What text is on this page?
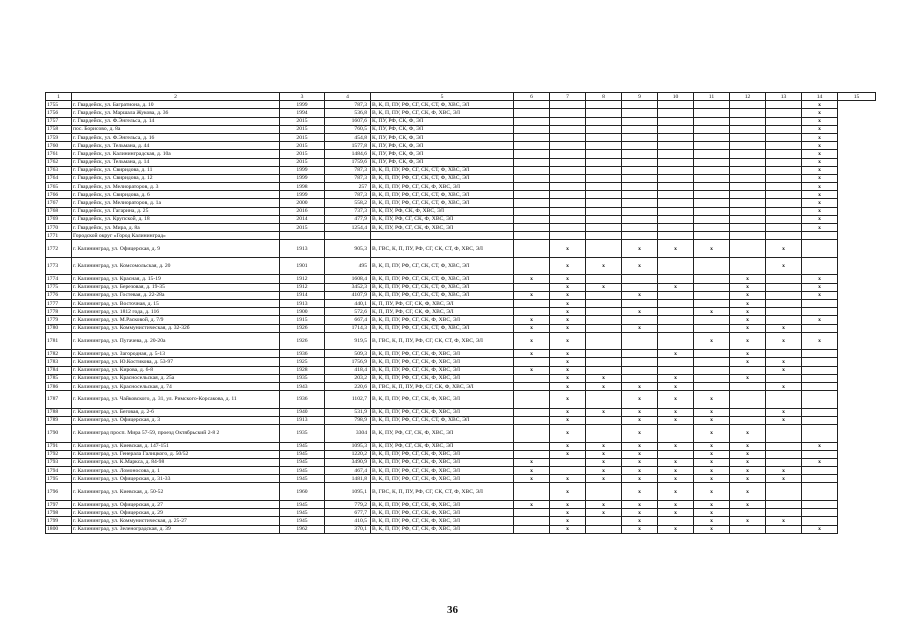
1	2	3	4	5	6	7	8	9	10	11	12	13	14	15
1755	г. Гвардейск, ул. Багратиона, д. 10	1999	787,3	В, К, П, ПУ, РФ, СГ, СК, СТ, Ф, ХВС, ЭЛ									x	
1756	г. Гвардейск, ул. Маршала Жукова, д. 36	1994	536,8	В, К, П, ПУ, РФ, СГ, СК, Ф, ХВС, ЭЛ									x	
1757	г. Гвардейск, ул. Ф.Энгельса, д. 14	2015	1607,6	К, ПУ, РФ, СК, Ф, ЭЛ									x	
1758	пос. Борисово, д. 8а	2015	760,5	К, ПУ, РФ, СК, Ф, ЭЛ									x	
1759	г. Гвардейск, ул. Ф.Энгельса, д. 16	2015	454,8	К, ПУ, РФ, СК, Ф, ЭЛ									x	
1760	г. Гвардейск, ул. Тельмана, д. 44	2015	1577,8	К, ПУ, РФ, СК, Ф, ЭЛ									x	
1761	г. Гвардейск, ул. Калининградская, д. 10а	2015	1484,6	К, ПУ, РФ, СК, Ф, ЭЛ									x	
1762	г. Гвардейск, ул. Тельмана, д. 14	2015	1759,6	К, ПУ, РФ, СК, Ф, ЭЛ									x	
1763	г. Гвардейск, ул. Свиридова, д. 11	1999	787,3	В, К, П, ПУ, РФ, СГ, СК, СТ, Ф, ХВС, ЭЛ									x	
1764	г. Гвардейск, ул. Свиридова, д. 12	1999	787,3	В, К, П, ПУ, РФ, СГ, СК, СТ, Ф, ХВС, ЭЛ									x	
1765	г. Гвардейск, ул. Мелиораторов, д. 3	1998	257	В, К, П, ПУ, РФ, СГ, СК, Ф, ХВС, ЭЛ									x	
1766	г. Гвардейск, ул. Свиридова, д. 6	1999	787,3	В, К, П, ПУ, РФ, СГ, СК, СТ, Ф, ХВС, ЭЛ									x	
1767	г. Гвардейск, ул. Мелиораторов, д. 1а	2000	558,2	В, К, П, ПУ, РФ, СГ, СК, СТ, Ф, ХВС, ЭЛ									x	
1768	г. Гвардейск, ул. Гагарина, д. 25	2016	737,3	В, К, ПУ, РФ, СК, Ф, ХВС, ЭЛ									x	
1769	г. Гвардейск, ул. Крупской, д. 18	2014	477,9	В, К, ПУ, РФ, СГ, СК, Ф, ХВС, ЭЛ									x	
1770	г. Гвардейск, ул. Мира, д. 8а	2015	1254,4	В, К, ПУ, РФ, СГ, СК, Ф, ХВС, ЭЛ									x	
1771	Городской округ «Город Калининград»													
1772	г. Калининград, ул. Офицерская, д. 9	1913	905,3	В, ГВС, К, П, ПУ, РФ, СГ, СК, СТ, Ф, ХВС, ЭЛ		x		x	x	x		x		
1773	г. Калининград, ул. Комсомольская, д. 20	1901	495	В, К, П, ПУ, РФ, СГ, СК, СТ, Ф, ХВС, ЭЛ		x	x	x				x		
1774	г. Калининград, ул. Красная, д. 15-19	1912	1608,4	В, К, П, ПУ, РФ, СГ, СК, СТ, Ф, ХВС, ЭЛ	x	x					x		x	
1775	г. Калининград, ул. Березовая, д. 19-35	1912	3452,3	В, К, П, ПУ, РФ, СГ, СК, СТ, Ф, ХВС, ЭЛ		x	x		x		x		x	
1776	г. Калининград, ул. Гостевая, д. 22-28а	1914	4107,9	В, К, П, ПУ, РФ, СГ, СК, СТ, Ф, ХВС, ЭЛ	x	x		x			x		x	
1777	г. Калининград, ул. Восточная, д. 15	1913	440,1	К, П, ПУ, РФ, СГ, СК, Ф, ХВС, ЭЛ		x					x			
1778	г. Калининград, ул. 1812 года, д. 116	1900	572,6	К, П, ПУ, РФ, СГ, СК, Ф, ХВС, ЭЛ		x		x		x	x			
1779	г. Калининград, ул. М.Расковой, д. 7/9	1915	667,4	В, К, П, ПУ, РФ, СГ, СК, Ф, ХВС, ЭЛ	x	x					x		x	
1780	г. Калининград, ул. Коммунистическая, д. 32-32б	1926	1714,3	В, К, П, ПУ, РФ, СГ, СК, СТ, Ф, ХВС, ЭЛ	x	x		x			x	x		
1781	г. Калининград, ул. Пугачева, д. 20-20а	1926	919,5	В, ГВС, К, П, ПУ, РФ, СГ, СК, СТ, Ф, ХВС, ЭЛ	x	x				x	x	x	x	
1782	г. Калининград, ул. Загородная, д. 5-13	1936	509,3	В, К, П, ПУ, РФ, СГ, СК, Ф, ХВС, ЭЛ	x	x			x		x			
1783	г. Калининград, ул. Ю.Костикова, д. 53-97	1925	1756,9	В, К, П, ПУ, РФ, СГ, СК, Ф, ХВС, ЭЛ		x					x	x		
1784	г. Калининград, ул. Кирова, д. 6-8	1928	418,4	В, К, П, ПУ, РФ, СГ, СК, Ф, ХВС, ЭЛ	x	x						x		
1785	г. Калининград, ул. Красносельская, д. 25а	1935	203,2	В, К, П, ПУ, РФ, СГ, СК, Ф, ХВС, ЭЛ		x	x		x		x			
1786	г. Калининград, ул. Красносельская, д. 74	1943	220,6	В, ГВС, К, П, ПУ, РФ, СГ, СК, Ф, ХВС, ЭЛ		x	x	x	x			x		
1787	г. Калининград, ул. Чайковского, д. 31, ул. Римского-Корсакова, д. 11	1936	1102,7	В, К, П, ПУ, РФ, СГ, СК, Ф, ХВС, ЭЛ		x		x	x	x				
1788	г. Калининград, ул. Беговая, д. 2-6	1940	531,9	В, К, П, ПУ, РФ, СГ, СК, Ф, ХВС, ЭЛ		x	x	x	x	x		x		
1789	г. Калининград, ул. Офицерская, д. 3	1913	798,9	В, К, П, ПУ, РФ, СГ, СК, СТ, Ф, ХВС, ЭЛ		x		x	x	x		x		
1790	г. Калининград просп. Мира 57-59, проезд Октябрьский 2-8 2	1935	3304	В, К, ПУ, РФ, СГ, СК, Ф, ХВС, ЭЛ		x		x		x	x			
1791	г. Калининград, ул. Киевская, д. 147-151	1945	1095,3	В, К, ПУ, РФ, СГ, СК, Ф, ХВС, ЭЛ		x	x	x	x	x	x		x	
1792	г. Калининград, ул. Генерала Галицкого, д. 50/52	1945	1220,2	В, К, П, ПУ, РФ, СГ, СК, Ф, ХВС, ЭЛ		x	x	x		x	x			
1793	г. Калининград, ул. К.Маркса, д. 84-98	1945	3490,9	В, К, П, ПУ, РФ, СГ, СК, Ф, ХВС, ЭЛ	x		x	x	x	x	x		x	
1794	г. Калининград, ул. Ломоносова, д. 1	1945	467,4	В, К, П, ПУ, РФ, СГ, СК, Ф, ХВС, ЭЛ	x		x	x	x	x	x	x		
1795	г. Калининград, ул. Офицерская, д. 31-33	1945	1481,8	В, К, П, ПУ, РФ, СГ, СК, Ф, ХВС, ЭЛ	x	x	x	x	x	x	x	x		
1796	г. Калининград, ул. Киевская, д. 50-52	1960	1095,1	В, ГВС, К, П, ПУ, РФ, СГ, СК, СТ, Ф, ХВС, ЭЛ		x		x	x	x	x			
1797	г. Калининград, ул. Офицерская, д. 27	1945	779,2	В, К, П, ПУ, РФ, СГ, СК, Ф, ХВС, ЭЛ	x	x	x	x	x	x	x			
1798	г. Калининград, ул. Офицерская, д. 29	1945	677,7	В, К, П, ПУ, РФ, СГ, СК, Ф, ХВС, ЭЛ		x	x	x	x	x				
1799	г. Калининград, ул. Коммунистическая, д. 25-27	1945	410,5	В, К, П, ПУ, РФ, СГ, СК, Ф, ХВС, ЭЛ		x		x		x	x	x		
1800	г. Калининград, ул. Зеленоградская, д. 39	1962	370,1	В, К, П, ПУ, РФ, СГ, СК, Ф, ХВС, ЭЛ		x		x	x	x			x	
36
